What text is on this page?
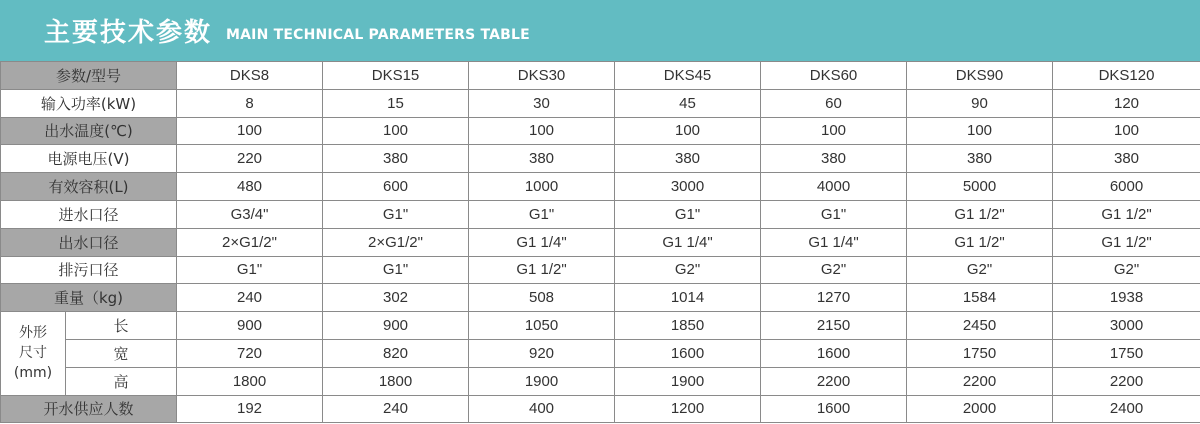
主要技术参数 MAIN TECHNICAL PARAMETERS TABLE
参数/型号		DKS8	DKS15	DKS30	DKS45	DKS60	DKS90	DKS120
输入功率(kW)		8	15	30	45	60	90	120
出水温度(℃)		100	100	100	100	100	100	100
电源电压(V)		220	380	380	380	380	380	380
有效容积(L)		480	600	1000	3000	4000	5000	6000
进水口径		G3/4"	G1"	G1"	G1"	G1"	G1 1/2"	G1 1/2"
出水口径		2×G1/2"	2×G1/2"	G1 1/4"	G1 1/4"	G1 1/4"	G1 1/2"	G1 1/2"
排污口径		G1"	G1"	G1 1/2"	G2"	G2"	G2"	G2"
重量（kg)		240	302	508	1014	1270	1584	1938

外形
尺寸
(mm)	长	900	900	1050	1850	2150	2450	3000
	宽	720	820	920	1600	1600	1750	1750
	高	1800	1800	1900	1900	2200	2200	2200
开水供应人数		192	240	400	1200	1600	2000	2400
